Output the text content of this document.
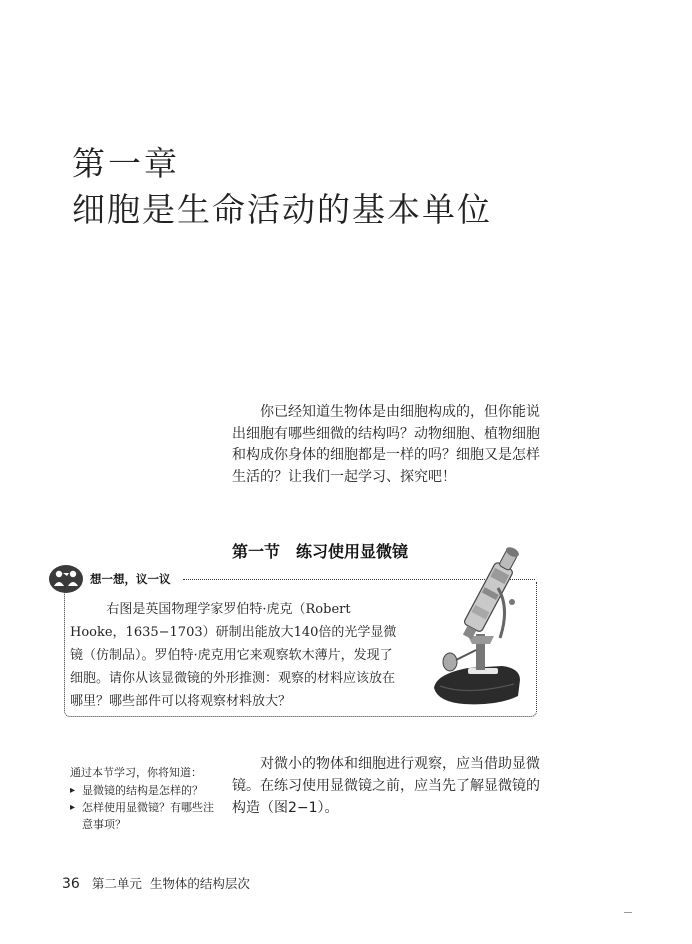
第一章
细胞是生命活动的基本单位
你已经知道生物体是由细胞构成的，但你能说出细胞有哪些细微的结构吗？动物细胞、植物细胞和构成你身体的细胞都是一样的吗？细胞又是怎样生活的？让我们一起学习、探究吧！
第一节 练习使用显微镜
想一想，议一议
右图是英国物理学家罗伯特·虎克（Robert Hooke，1635−1703）研制出能放大140倍的光学显微镜（仿制品）。罗伯特·虎克用它来观察软木薄片，发现了细胞。请你从该显微镜的外形推测：观察的材料应该放在哪里？哪些部件可以将观察材料放大？
通过本节学习，你将知道：
▸ 显微镜的结构是怎样的？
▸ 怎样使用显微镜？有哪些注意事项？
对微小的物体和细胞进行观察，应当借助显微镜。在练习使用显微镜之前，应当先了解显微镜的构造（图2−1）。
36 第二单元 生物体的结构层次
